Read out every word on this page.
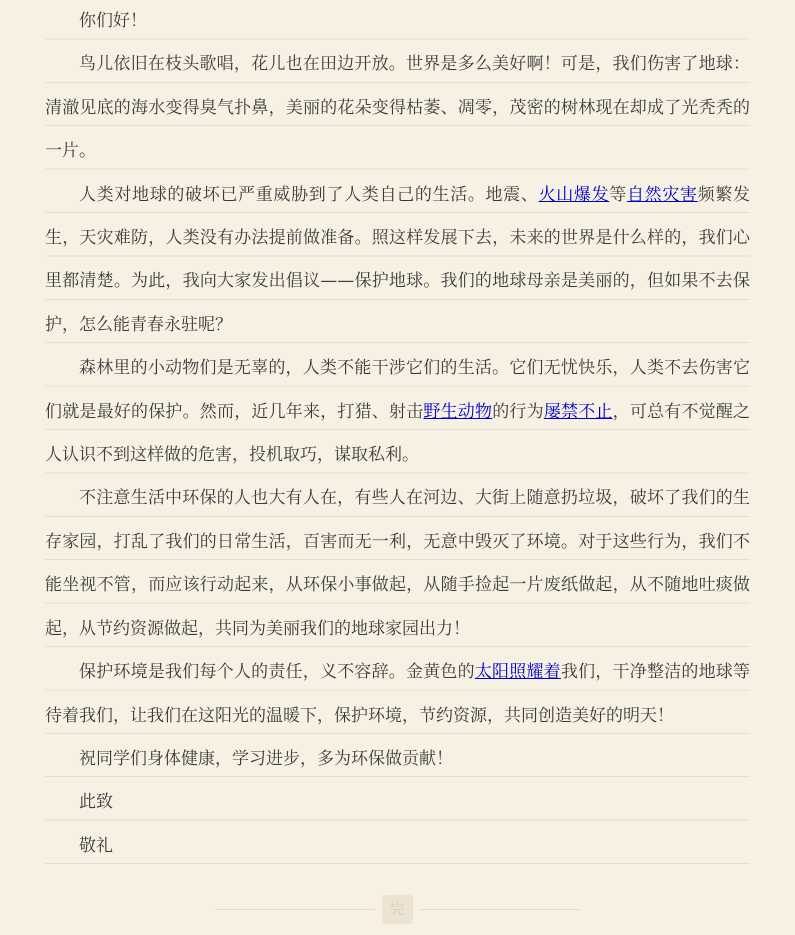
你们好！

鸟儿依旧在枝头歌唱，花儿也在田边开放。世界是多么美好啊！可是，我们伤害了地球：清澈见底的海水变得臭气扑鼻，美丽的花朵变得枯萎、凋零，茂密的树林现在却成了光秃秃的一片。

人类对地球的破坏已严重威胁到了人类自己的生活。地震、火山爆发等自然灾害频繁发生，天灾难防，人类没有办法提前做准备。照这样发展下去，未来的世界是什么样的，我们心里都清楚。为此，我向大家发出倡议——保护地球。我们的地球母亲是美丽的，但如果不去保护，怎么能青春永驻呢？

森林里的小动物们是无辜的，人类不能干涉它们的生活。它们无忧快乐，人类不去伤害它们就是最好的保护。然而，近几年来，打猎、射击野生动物的行为屡禁不止，可总有不觉醒之人认识不到这样做的危害，投机取巧，谋取私利。

不注意生活中环保的人也大有人在，有些人在河边、大街上随意扔垃圾，破坏了我们的生存家园，打乱了我们的日常生活，百害而无一利，无意中毁灭了环境。对于这些行为，我们不能坐视不管，而应该行动起来，从环保小事做起，从随手捡起一片废纸做起，从不随地吐痰做起，从节约资源做起，共同为美丽我们的地球家园出力！

保护环境是我们每个人的责任，义不容辞。金黄色的太阳照耀着我们，干净整洁的地球等待着我们，让我们在这阳光的温暖下，保护环境，节约资源，共同创造美好的明天！

祝同学们身体健康，学习进步，多为环保做贡献！

此致

敬礼

完
